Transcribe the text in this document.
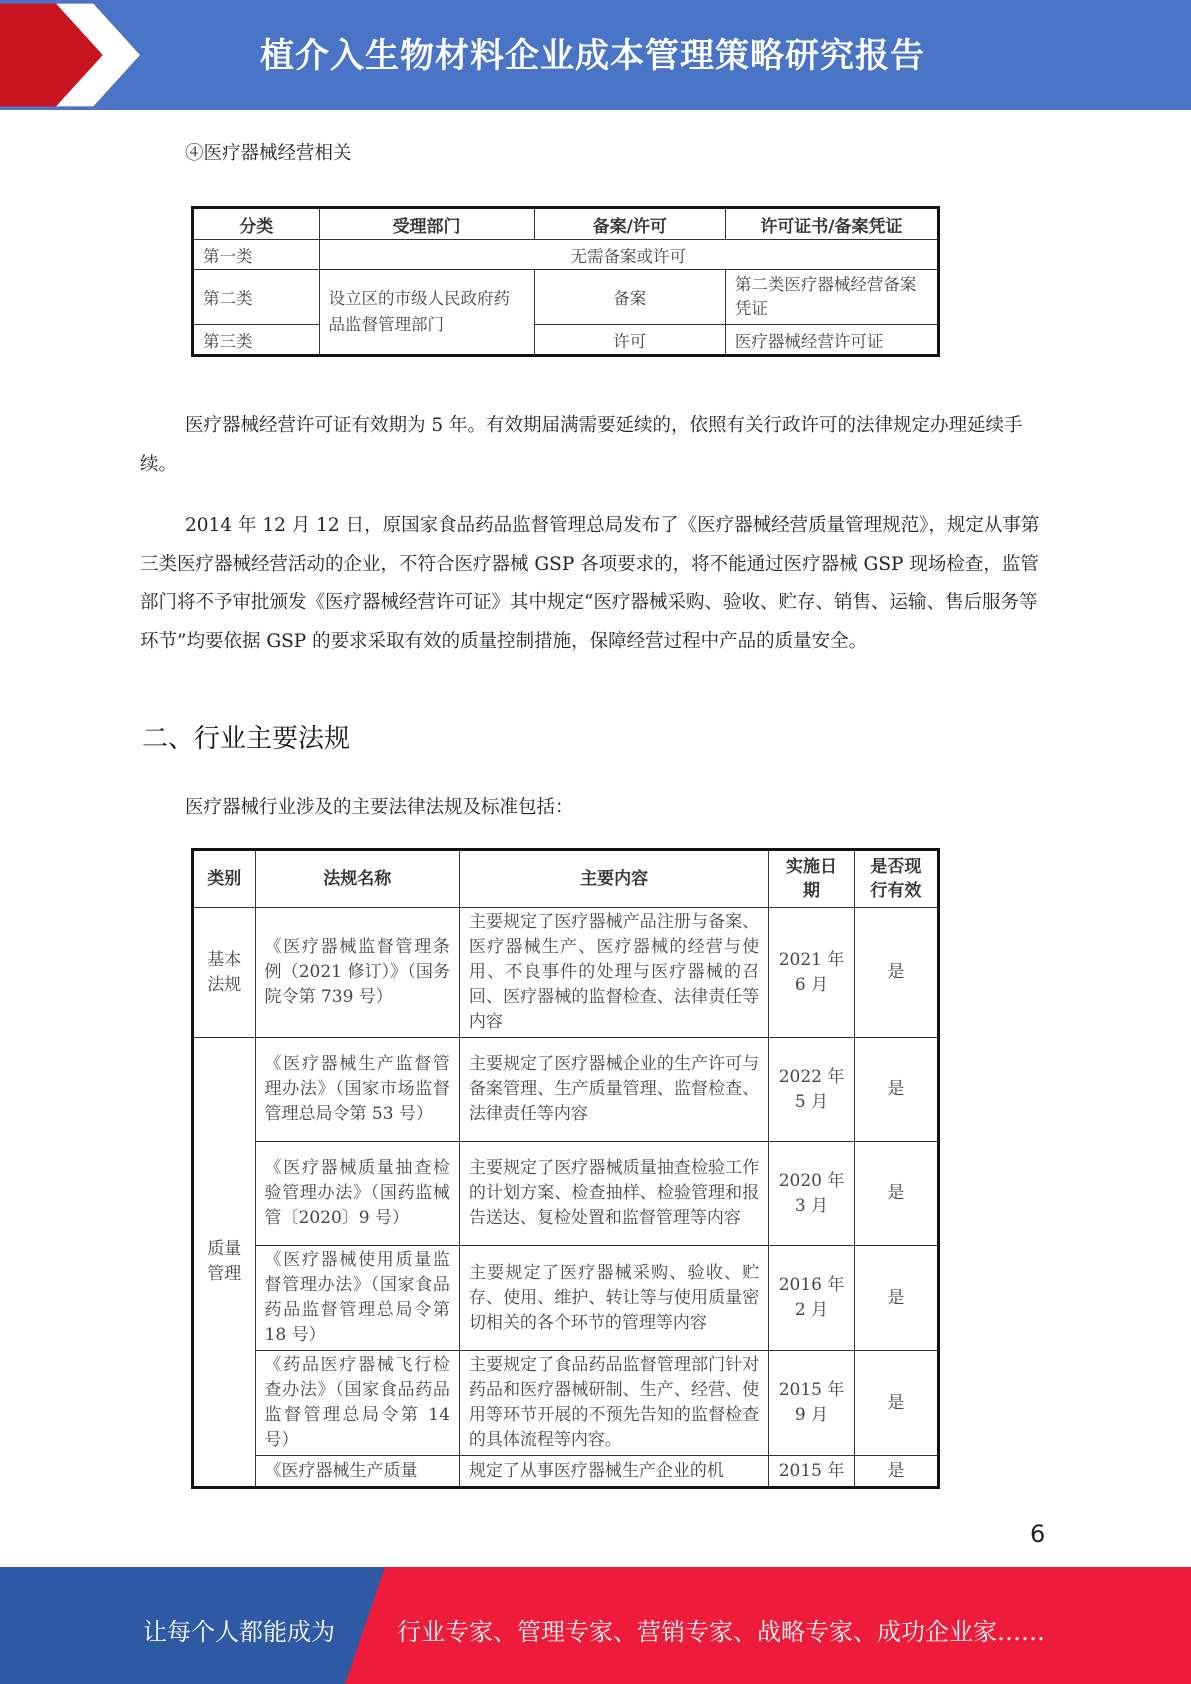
植介入生物材料企业成本管理策略研究报告
④医疗器械经营相关
分类	受理部门	备案/许可	许可证书/备案凭证
第一类	无需备案或许可		
第二类	设立区的市级人民政府药品监督管理部门	备案	第二类医疗器械经营备案凭证
第三类		许可	医疗器械经营许可证

医疗器械经营许可证有效期为 5 年。有效期届满需要延续的，依照有关行政许可的法律规定办理延续手续。

2014 年 12 月 12 日，原国家食品药品监督管理总局发布了《医疗器械经营质量管理规范》，规定从事第三类医疗器械经营活动的企业，不符合医疗器械 GSP 各项要求的，将不能通过医疗器械 GSP 现场检查，监管部门将不予审批颁发《医疗器械经营许可证》其中规定“医疗器械采购、验收、贮存、销售、运输、售后服务等环节”均要依据 GSP 的要求采取有效的质量控制措施，保障经营过程中产品的质量安全。

二、行业主要法规
医疗器械行业涉及的主要法律法规及标准包括：
类别	法规名称	主要内容	实施日期	是否现行有效
基本法规	《医疗器械监督管理条例（2021 修订）》（国务院令第 739 号）	主要规定了医疗器械产品注册与备案、医疗器械生产、医疗器械的经营与使用、不良事件的处理与医疗器械的召回、医疗器械的监督检查、法律责任等内容	2021 年 6 月	是
质量管理	《医疗器械生产监督管理办法》（国家市场监督管理总局令第 53 号）	主要规定了医疗器械企业的生产许可与备案管理、生产质量管理、监督检查、法律责任等内容	2022 年 5 月	是
	《医疗器械质量抽查检验管理办法》（国药监械管〔2020〕9 号）	主要规定了医疗器械质量抽查检验工作的计划方案、检查抽样、检验管理和报告送达、复检处置和监督管理等内容	2020 年 3 月	是
	《医疗器械使用质量监督管理办法》（国家食品药品监督管理总局令第 18 号）	主要规定了医疗器械采购、验收、贮存、使用、维护、转让等与使用质量密切相关的各个环节的管理等内容	2016 年 2 月	是
	《药品医疗器械飞行检查办法》（国家食品药品监督管理总局令第 14 号）	主要规定了食品药品监督管理部门针对药品和医疗器械研制、生产、经营、使用等环节开展的不预先告知的监督检查的具体流程等内容。	2015 年 9 月	是
	《医疗器械生产质量	规定了从事医疗器械生产企业的机	2015 年	是
6
让每个人都能成为	行业专家、管理专家、营销专家、战略专家、成功企业家……
